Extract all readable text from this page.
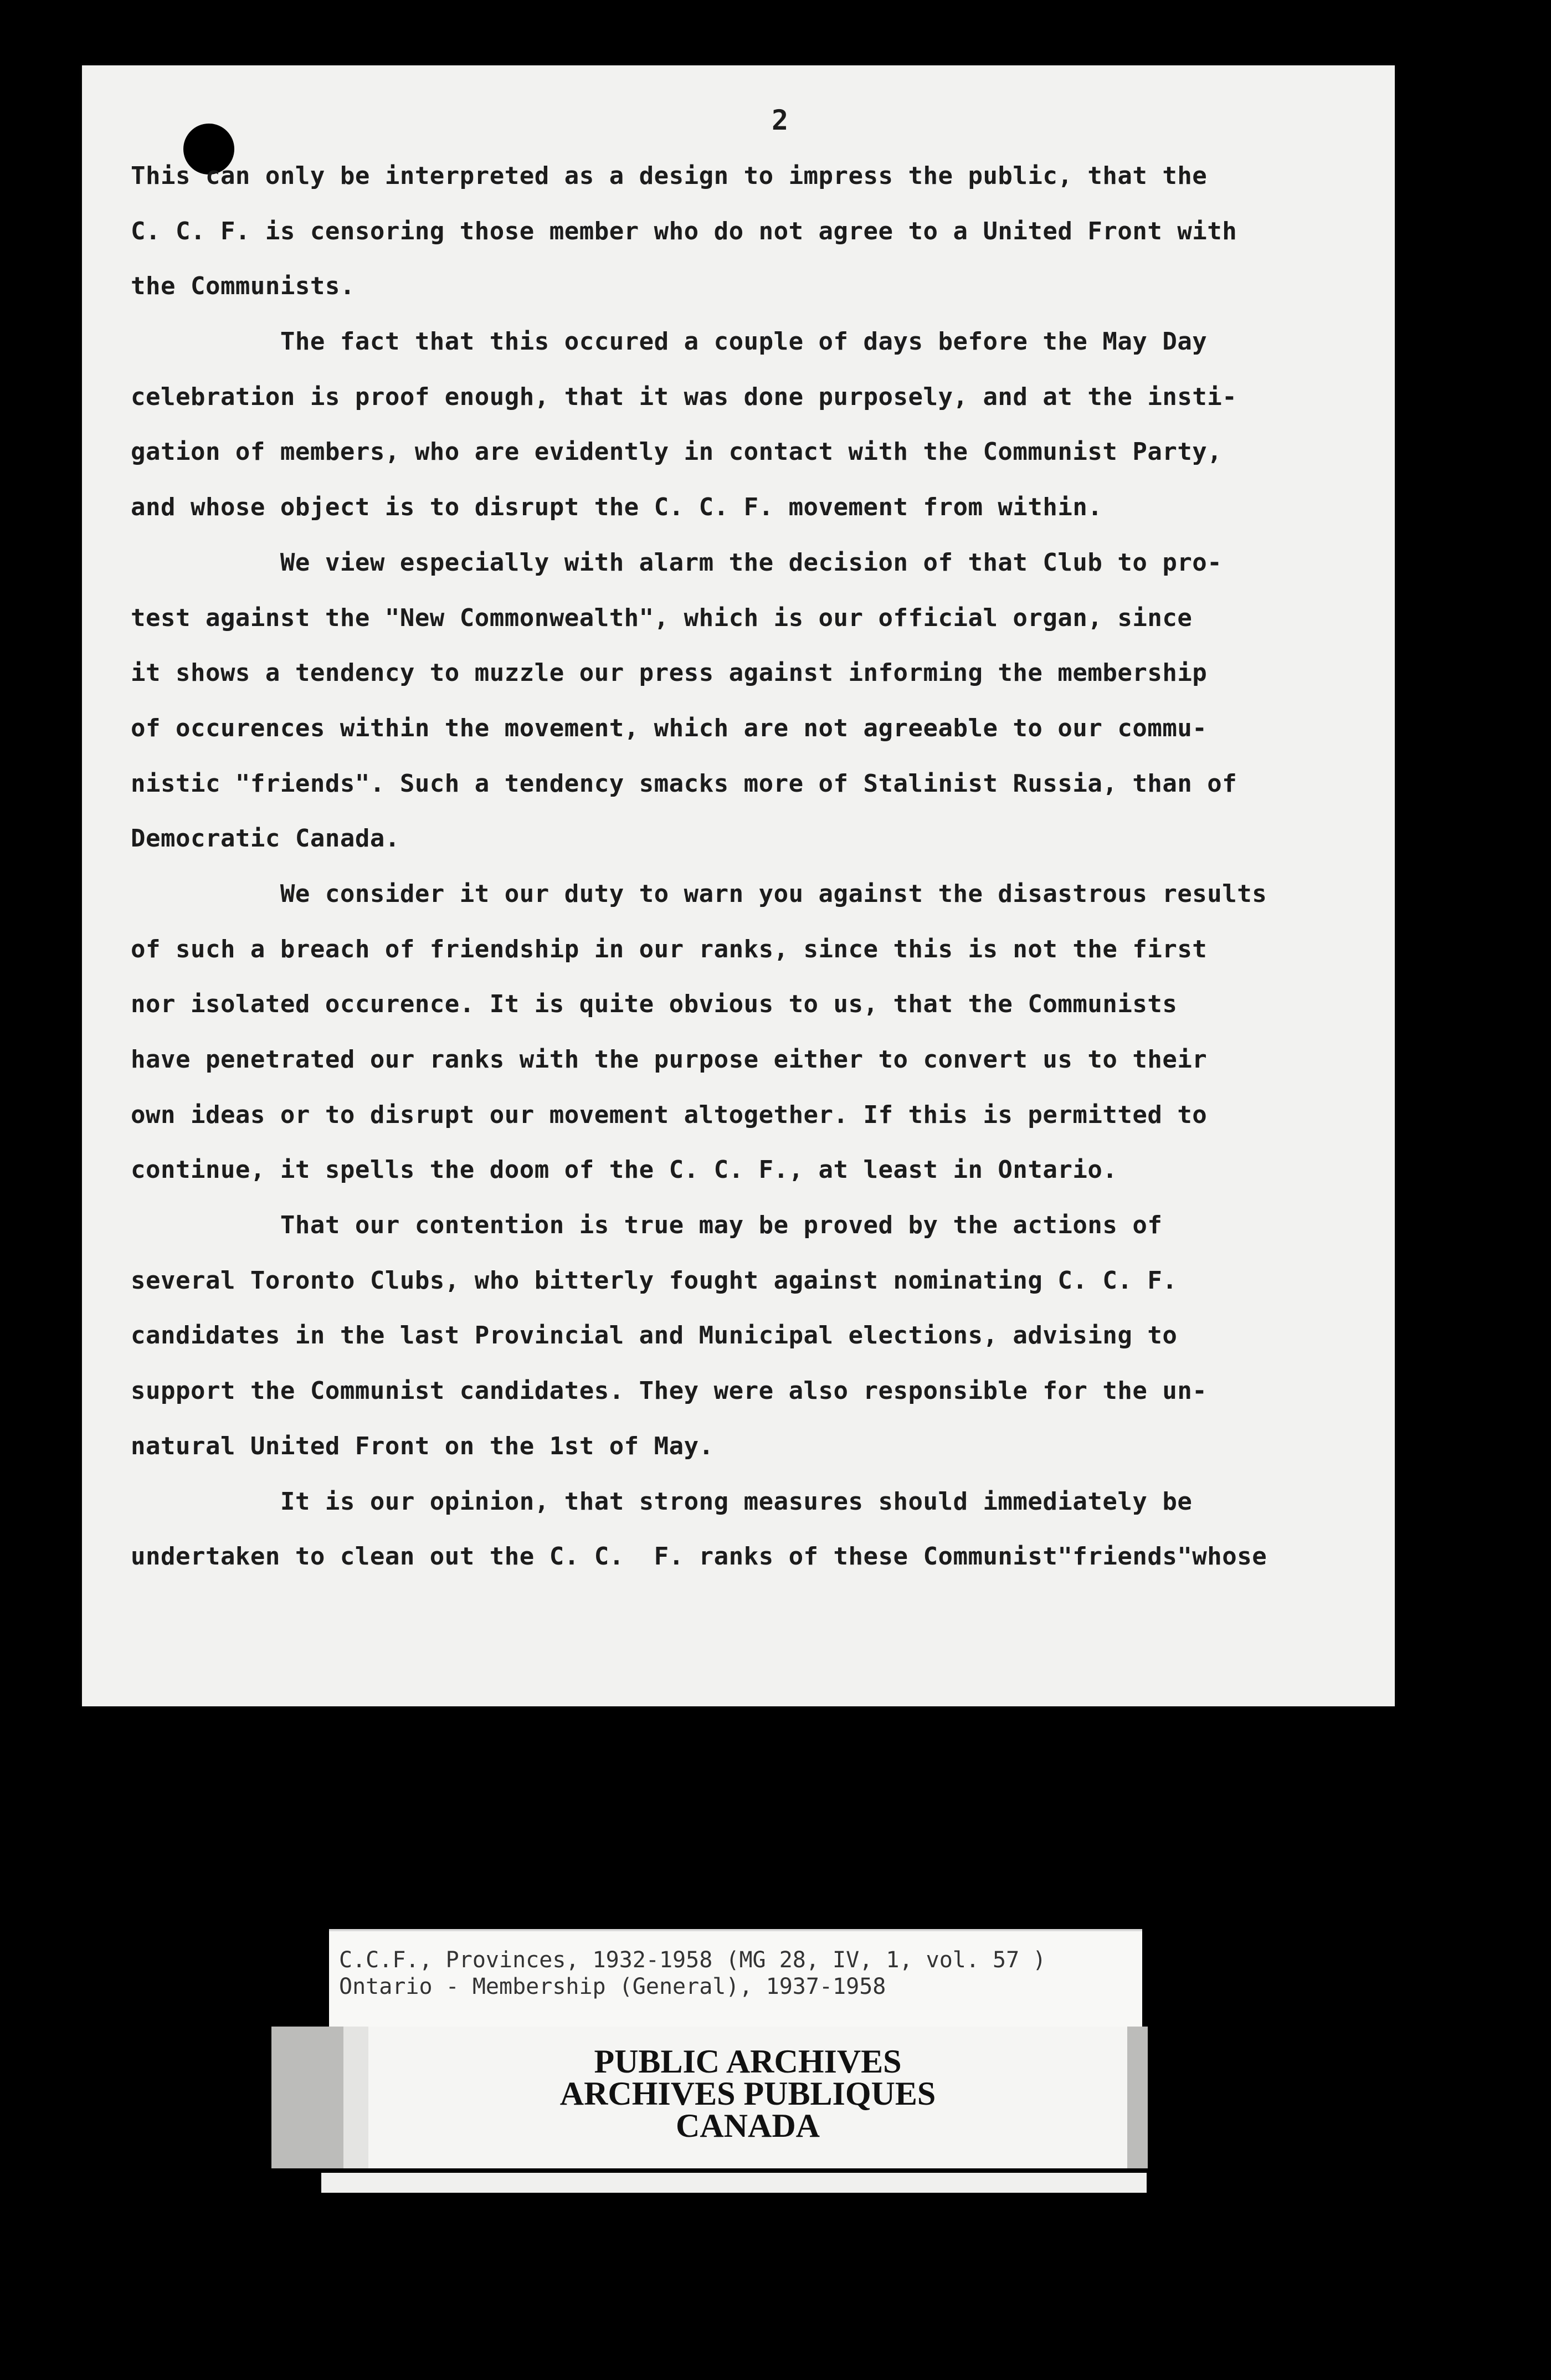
2
This can only be interpreted as a design to impress the public, that the
C. C. F. is censoring those member who do not agree to a United Front with
the Communists.
The fact that this occured a couple of days before the May Day
celebration is proof enough, that it was done purposely, and at the insti-
gation of members, who are evidently in contact with the Communist Party,
and whose object is to disrupt the C. C. F. movement from within.
We view especially with alarm the decision of that Club to pro-
test against the "New Commonwealth", which is our official organ, since
it shows a tendency to muzzle our press against informing the membership
of occurences within the movement, which are not agreeable to our commu-
nistic "friends". Such a tendency smacks more of Stalinist Russia, than of
Democratic Canada.
We consider it our duty to warn you against the disastrous results
of such a breach of friendship in our ranks, since this is not the first
nor isolated occurence. It is quite obvious to us, that the Communists
have penetrated our ranks with the purpose either to convert us to their
own ideas or to disrupt our movement altogether. If this is permitted to
continue, it spells the doom of the C. C. F., at least in Ontario.
That our contention is true may be proved by the actions of
several Toronto Clubs, who bitterly fought against nominating C. C. F.
candidates in the last Provincial and Municipal elections, advising to
support the Communist candidates. They were also responsible for the un-
natural United Front on the 1st of May.
It is our opinion, that strong measures should immediately be
undertaken to clean out the C. C.  F. ranks of these Communist"friends"whose
C.C.F., Provinces, 1932-1958 (MG 28, IV, 1, vol. 57 )
Ontario - Membership (General), 1937-1958
PUBLIC ARCHIVES
ARCHIVES PUBLIQUES
CANADA
